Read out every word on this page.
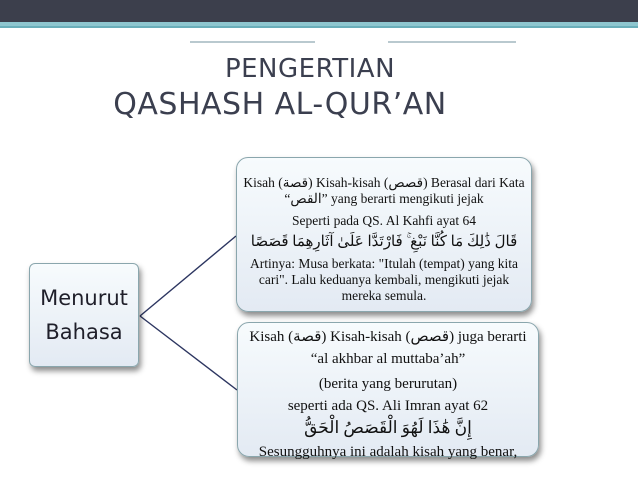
PENGERTIAN
QASHASH AL-QUR’AN
Menurut
Bahasa
Kisah (قصة) Kisah-kisah (قصص) Berasal dari Kata
“القص” yang berarti mengikuti jejak
Seperti pada QS. Al Kahfi ayat 64
قَالَ ذَٰلِكَ مَا كُنَّا نَبْغِ ۚ فَارْتَدَّا عَلَىٰ آثَارِهِمَا قَصَصًا
Artinya: Musa berkata: "Itulah (tempat) yang kita
cari". Lalu keduanya kembali, mengikuti jejak
mereka semula.
Kisah (قصة) Kisah-kisah (قصص) juga berarti
“al akhbar al muttaba’ah”
(berita yang berurutan)
seperti ada QS. Ali Imran ayat 62
إِنَّ هَٰذَا لَهُوَ الْقَصَصُ الْحَقُّ
Sesungguhnya ini adalah kisah yang benar,
